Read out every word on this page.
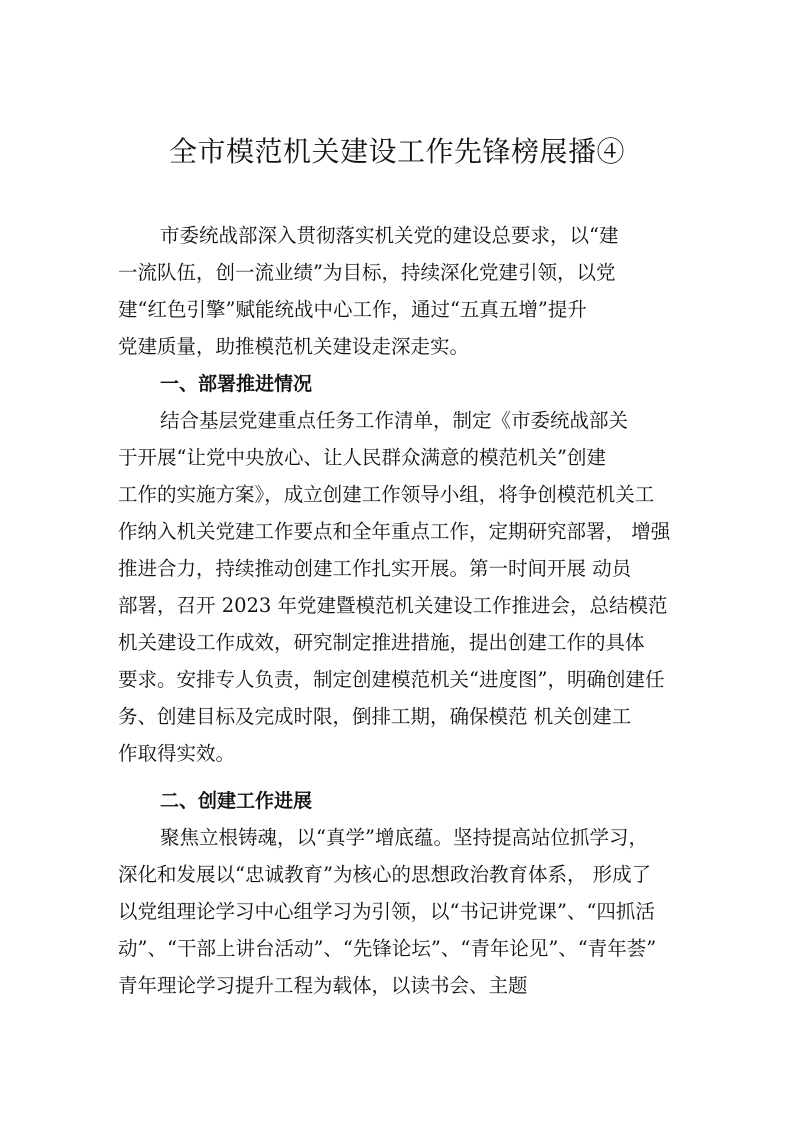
全市模范机关建设工作先锋榜展播④

市委统战部深入贯彻落实机关党的建设总要求，以“建

一流队伍，创一流业绩”为目标，持续深化党建引领，以党

建“红色引擎”赋能统战中心工作，通过“五真五增”提升

党建质量，助推模范机关建设走深走实。

一、部署推进情况

结合基层党建重点任务工作清单，制定《市委统战部关

于开展“让党中央放心、让人民群众满意的模范机关”创建

工作的实施方案》，成立创建工作领导小组，将争创模范机关工

作纳入机关党建工作要点和全年重点工作，定期研究部署， 增强

推进合力，持续推动创建工作扎实开展。第一时间开展 动员

部署，召开 2023 年党建暨模范机关建设工作推进会，总结模范

机关建设工作成效，研究制定推进措施，提出创建工作的具体

要求。安排专人负责，制定创建模范机关“进度图”，明确创建任

务、创建目标及完成时限，倒排工期，确保模范 机关创建工

作取得实效。

二、创建工作进展

聚焦立根铸魂，以“真学”增底蕴。坚持提高站位抓学习，

深化和发展以“忠诚教育”为核心的思想政治教育体系， 形成了

以党组理论学习中心组学习为引领，以“书记讲党课”、“四抓活

动”、“干部上讲台活动”、“先锋论坛”、“青年论见”、“青年荟”

青年理论学习提升工程为载体，以读书会、主题
